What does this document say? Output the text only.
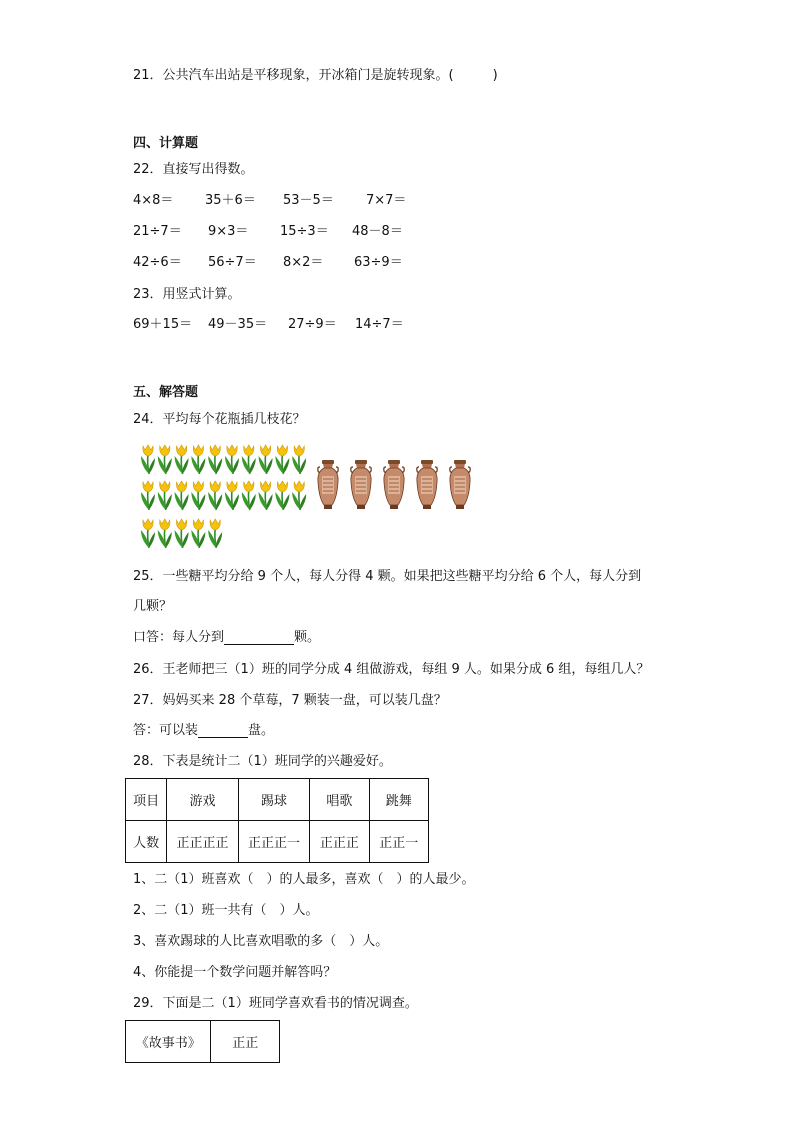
21．公共汽车出站是平移现象，开冰箱门是旋转现象。(　　　)
四、计算题
22．直接写出得数。
4×8＝ 35＋6＝ 53－5＝ 7×7＝
21÷7＝ 9×3＝ 15÷3＝ 48－8＝
42÷6＝ 56÷7＝ 8×2＝ 63÷9＝
23．用竖式计算。
69＋15＝ 49－35＝ 27÷9＝ 14÷7＝
五、解答题
24．平均每个花瓶插几枝花？
25．一些糖平均分给 9 个人，每人分得 4 颗。如果把这些糖平均分给 6 个人，每人分到
几颗？
口答：每人分到	颗。
26．王老师把三（1）班的同学分成 4 组做游戏，每组 9 人。如果分成 6 组，每组几人？
27．妈妈买来 28 个草莓，7 颗装一盘，可以装几盘？
答：可以装	盘。
28．下表是统计二（1）班同学的兴趣爱好。
项目	游戏	踢球	唱歌	跳舞
人数	正正正正	正正正一	正正正	正正一
1、二（1）班喜欢（　）的人最多，喜欢（　）的人最少。
2、二（1）班一共有（　）人。
3、喜欢踢球的人比喜欢唱歌的多（　）人。
4、你能提一个数学问题并解答吗？
29．下面是二（1）班同学喜欢看书的情况调查。
《故事书》	正正
